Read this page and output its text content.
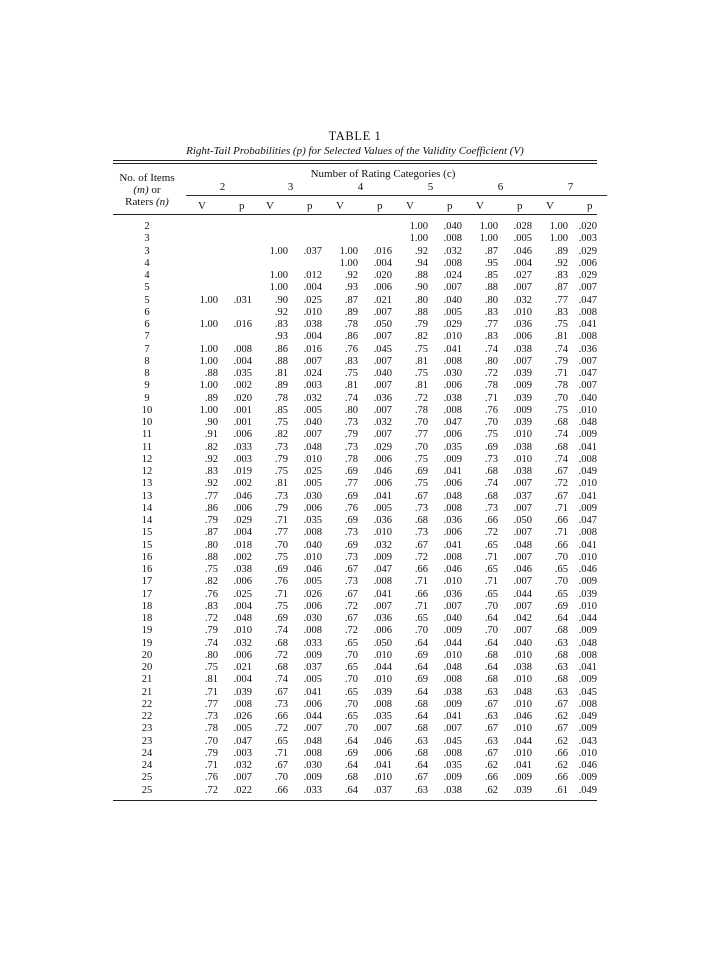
TABLE 1
Right-Tail Probabilities (p) for Selected Values of the Validity Coefficient (V)
No. of Items
(m) or
Raters (n)
Number of Rating Categories (c)
2
V	p
3
V	p
4
V	p
5
V	p
6
V	p
7
V	p
2							1.00	.040	1.00	.028	1.00	.020
3							1.00	.008	1.00	.005	1.00	.003
3			1.00	.037	1.00	.016	.92	.032	.87	.046	.89	.029
4					1.00	.004	.94	.008	.95	.004	.92	.006
4			1.00	.012	.92	.020	.88	.024	.85	.027	.83	.029
5			1.00	.004	.93	.006	.90	.007	.88	.007	.87	.007
5	1.00	.031	.90	.025	.87	.021	.80	.040	.80	.032	.77	.047
6			.92	.010	.89	.007	.88	.005	.83	.010	.83	.008
6	1.00	.016	.83	.038	.78	.050	.79	.029	.77	.036	.75	.041
7			.93	.004	.86	.007	.82	.010	.83	.006	.81	.008
7	1.00	.008	.86	.016	.76	.045	.75	.041	.74	.038	.74	.036
8	1.00	.004	.88	.007	.83	.007	.81	.008	.80	.007	.79	.007
8	.88	.035	.81	.024	.75	.040	.75	.030	.72	.039	.71	.047
9	1.00	.002	.89	.003	.81	.007	.81	.006	.78	.009	.78	.007
9	.89	.020	.78	.032	.74	.036	.72	.038	.71	.039	.70	.040
10	1.00	.001	.85	.005	.80	.007	.78	.008	.76	.009	.75	.010
10	.90	.001	.75	.040	.73	.032	.70	.047	.70	.039	.68	.048
11	.91	.006	.82	.007	.79	.007	.77	.006	.75	.010	.74	.009
11	.82	.033	.73	.048	.73	.029	.70	.035	.69	.038	.68	.041
12	.92	.003	.79	.010	.78	.006	.75	.009	.73	.010	.74	.008
12	.83	.019	.75	.025	.69	.046	.69	.041	.68	.038	.67	.049
13	.92	.002	.81	.005	.77	.006	.75	.006	.74	.007	.72	.010
13	.77	.046	.73	.030	.69	.041	.67	.048	.68	.037	.67	.041
14	.86	.006	.79	.006	.76	.005	.73	.008	.73	.007	.71	.009
14	.79	.029	.71	.035	.69	.036	.68	.036	.66	.050	.66	.047
15	.87	.004	.77	.008	.73	.010	.73	.006	.72	.007	.71	.008
15	.80	.018	.70	.040	.69	.032	.67	.041	.65	.048	.66	.041
16	.88	.002	.75	.010	.73	.009	.72	.008	.71	.007	.70	.010
16	.75	.038	.69	.046	.67	.047	.66	.046	.65	.046	.65	.046
17	.82	.006	.76	.005	.73	.008	.71	.010	.71	.007	.70	.009
17	.76	.025	.71	.026	.67	.041	.66	.036	.65	.044	.65	.039
18	.83	.004	.75	.006	.72	.007	.71	.007	.70	.007	.69	.010
18	.72	.048	.69	.030	.67	.036	.65	.040	.64	.042	.64	.044
19	.79	.010	.74	.008	.72	.006	.70	.009	.70	.007	.68	.009
19	.74	.032	.68	.033	.65	.050	.64	.044	.64	.040	.63	.048
20	.80	.006	.72	.009	.70	.010	.69	.010	.68	.010	.68	.008
20	.75	.021	.68	.037	.65	.044	.64	.048	.64	.038	.63	.041
21	.81	.004	.74	.005	.70	.010	.69	.008	.68	.010	.68	.009
21	.71	.039	.67	.041	.65	.039	.64	.038	.63	.048	.63	.045
22	.77	.008	.73	.006	.70	.008	.68	.009	.67	.010	.67	.008
22	.73	.026	.66	.044	.65	.035	.64	.041	.63	.046	.62	.049
23	.78	.005	.72	.007	.70	.007	.68	.007	.67	.010	.67	.009
23	.70	.047	.65	.048	.64	.046	.63	.045	.63	.044	.62	.043
24	.79	.003	.71	.008	.69	.006	.68	.008	.67	.010	.66	.010
24	.71	.032	.67	.030	.64	.041	.64	.035	.62	.041	.62	.046
25	.76	.007	.70	.009	.68	.010	.67	.009	.66	.009	.66	.009
25	.72	.022	.66	.033	.64	.037	.63	.038	.62	.039	.61	.049
